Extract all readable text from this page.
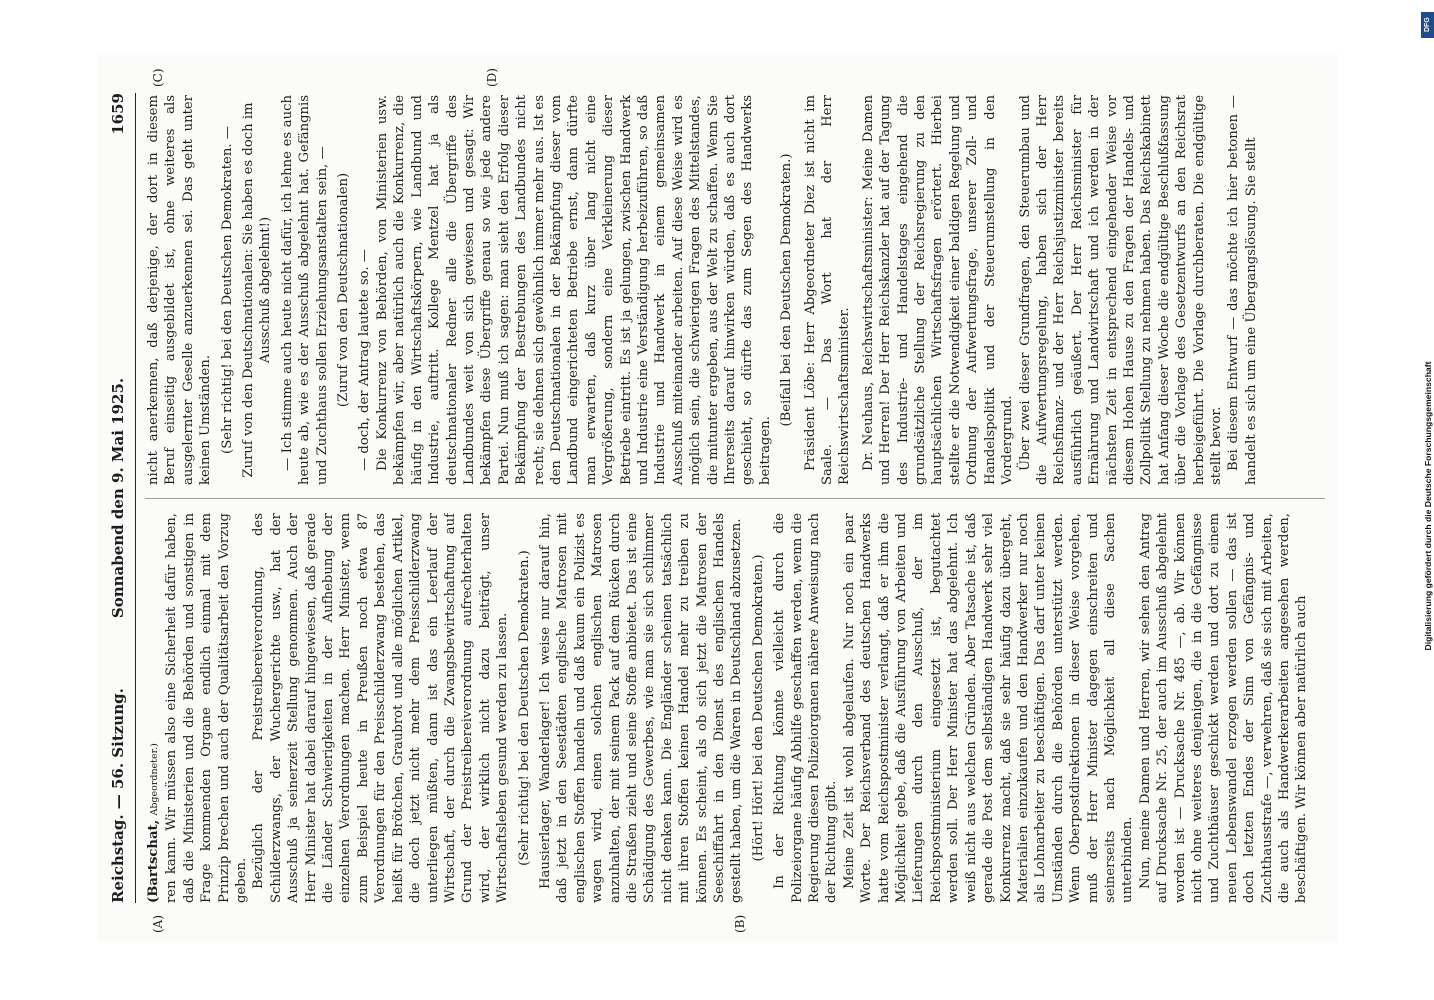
Reichstag. — 56. Sitzung.
Sonnabend den 9. Mai 1925.
1659
(A)	(B)
(C)	(D)

(Bartschat, Abgeordneter.) ren kann. Wir müssen also eine Sicherheit dafür haben, daß die Ministerien und die Behörden und sonstigen in Frage kommenden Organe endlich einmal mit dem Prinzip brechen und auch der Qualitätsarbeit den Vorzug geben. Bezüglich der Preistreibereiverordnung, des Schilderzwangs, der Wuchergerichte usw., hat der Ausschuß ja seinerzeit Stellung genommen. Auch der Herr Minister hat dabei darauf hingewiesen, daß gerade die Länder Schwierigkeiten in der Aufhebung der einzelnen Verordnungen machen. Herr Minister, wenn zum Beispiel heute in Preußen noch etwa 87 Verordnungen für den Preisschilderzwang bestehen, das heißt für Brötchen, Graubrot und alle möglichen Artikel, die doch jetzt nicht mehr dem Preisschilderzwang unterliegen müßten, dann ist das ein Leerlauf der Wirtschaft, der durch die Zwangsbewirtschaftung auf Grund der Preistreibereiverordnung aufrechterhalten wird, der wirklich nicht dazu beiträgt, unser Wirtschaftsleben gesund werden zu lassen. (Sehr richtig! bei den Deutschen Demokraten.) Hausierlager, Wanderlager! Ich weise nur darauf hin, daß jetzt in den Seestädten englische Matrosen mit englischen Stoffen handeln und daß kaum ein Polizist es wagen wird, einen solchen englischen Matrosen anzuhalten, der mit seinem Pack auf dem Rücken durch die Straßen zieht und seine Stoffe anbietet. Das ist eine Schädigung des Gewerbes, wie man sie sich schlimmer nicht denken kann. Die Engländer scheinen tatsächlich mit ihren Stoffen keinen Handel mehr zu treiben zu können. Es scheint, als ob sich jetzt die Matrosen der Seeschiffahrt in den Dienst des englischen Handels gestellt haben, um die Waren in Deutschland abzusetzen. (Hört! Hört! bei den Deutschen Demokraten.) In der Richtung könnte vielleicht durch die Polizeiorgane häufig Abhilfe geschaffen werden, wenn die Regierung diesen Polizeiorganen nähere Anweisung nach der Richtung gibt. Meine Zeit ist wohl abgelaufen. Nur noch ein paar Worte. Der Reichsverband des deutschen Handwerks hatte vom Reichspostminister verlangt, daß er ihm die Möglichkeit gebe, daß die Ausführung von Arbeiten und Lieferungen durch den Ausschuß, der im Reichspostministerium eingesetzt ist, begutachtet werden soll. Der Herr Minister hat das abgelehnt. Ich weiß nicht aus welchen Gründen. Aber Tatsache ist, daß gerade die Post dem selbständigen Handwerk sehr viel Konkurrenz macht, daß sie sehr häufig dazu übergeht, Materialien einzukaufen und den Handwerker nur noch als Lohnarbeiter zu beschäftigen. Das darf unter keinen Umständen durch die Behörden unterstützt werden. Wenn Oberpostdirektionen in dieser Weise vorgehen, muß der Herr Minister dagegen einschreiten und seinerseits nach Möglichkeit all diese Sachen unterbinden. Nun, meine Damen und Herren, wir sehen den Antrag auf Drucksache Nr. 25, der auch im Ausschuß abgelehnt worden ist — Drucksache Nr. 485 —, ab. Wir können nicht ohne weiteres denjenigen, die in die Gefängnisse und Zuchthäuser geschickt werden und dort zu einem neuen Lebenswandel erzogen werden sollen — das ist doch letzten Endes der Sinn von Gefängnis- und Zuchthausstrafe —, verwehren, daß sie sich mit Arbeiten, die auch als Handwerkerarbeiten angesehen werden, beschäftigen. Wir können aber natürlich auch

nicht anerkennen, daß derjenige, der dort in diesem Beruf einseitig ausgebildet ist, ohne weiteres als ausgelernter Geselle anzuerkennen sei. Das geht unter keinen Umständen. (Sehr richtig! bei den Deutschen Demokraten. — Zuruf von den Deutschnationalen: Sie haben es doch im Ausschuß abgelehnt!) — Ich stimme auch heute nicht dafür, ich lehne es auch heute ab, wie es der Ausschuß abgelehnt hat. Gefängnis und Zuchthaus sollen Erziehungsanstalten sein, — (Zuruf von den Deutschnationalen) — doch, der Antrag lautete so. — Die Konkurrenz von Behörden, von Ministerien usw. bekämpfen wir, aber natürlich auch die Konkurrenz, die häufig in den Wirtschaftskörpern, wie Landbund und Industrie, auftritt. Kollege Mentzel hat ja als deutschnationaler Redner alle die Übergriffe des Landbundes weit von sich gewiesen und gesagt: Wir bekämpfen diese Übergriffe genau so wie jede andere Partei. Nun muß ich sagen: man sieht den Erfolg dieser Bekämpfung der Bestrebungen des Landbundes nicht recht; sie dehnen sich gewöhnlich immer mehr aus. Ist es den Deutschnationalen in der Bekämpfung dieser vom Landbund eingerichteten Betriebe ernst, dann dürfte man erwarten, daß kurz über lang nicht eine Vergrößerung, sondern eine Verkleinerung dieser Betriebe eintritt. Es ist ja gelungen, zwischen Handwerk und Industrie eine Verständigung herbeizuführen, so daß Industrie und Handwerk in einem gemeinsamen Ausschuß miteinander arbeiten. Auf diese Weise wird es möglich sein, die schwierigen Fragen des Mittelstandes, die mitunter ergeben, aus der Welt zu schaffen. Wenn Sie Ihrerseits darauf hinwirken würden, daß es auch dort geschieht, so dürfte das zum Segen des Handwerks beitragen.

(Beifall bei den Deutschen Demokraten.) Präsident Löbe: Herr Abgeordneter Diez ist nicht im Saale. — Das Wort hat der Herr Reichswirtschaftsminister. Dr. Neuhaus, Reichswirtschaftsminister: Meine Damen und Herren! Der Herr Reichskanzler hat auf der Tagung des Industrie- und Handelstages eingehend die grundsätzliche Stellung der Reichsregierung zu den hauptsächlichen Wirtschaftsfragen erörtert. Hierbei stellte er die Notwendigkeit einer baldigen Regelung und Ordnung der Aufwertungsfrage, unserer Zoll- und Handelspolitik und der Steuerumstellung in den Vordergrund. Über zwei dieser Grundfragen, den Steuerumbau und die Aufwertungsregelung, haben sich der Herr Reichsfinanz- und der Herr Reichsjustizminister bereits ausführlich geäußert. Der Herr Reichsminister für Ernährung und Landwirtschaft und ich werden in der nächsten Zeit in entsprechend eingehender Weise vor diesem Hohen Hause zu den Fragen der Handels- und Zollpolitik Stellung zu nehmen haben. Das Reichskabinett hat Anfang dieser Woche die endgültige Beschlußfassung über die Vorlage des Gesetzentwurfs an den Reichsrat herbeigeführt. Die Vorlage durchberaten. Die endgültige stellt bevor. Bei diesem Entwurf — das möchte ich hier betonen — handelt es sich um eine Übergangslösung. Sie stellt

DFG
Digitalisierung gefördert durch die Deutsche Forschungsgemeinschaft
